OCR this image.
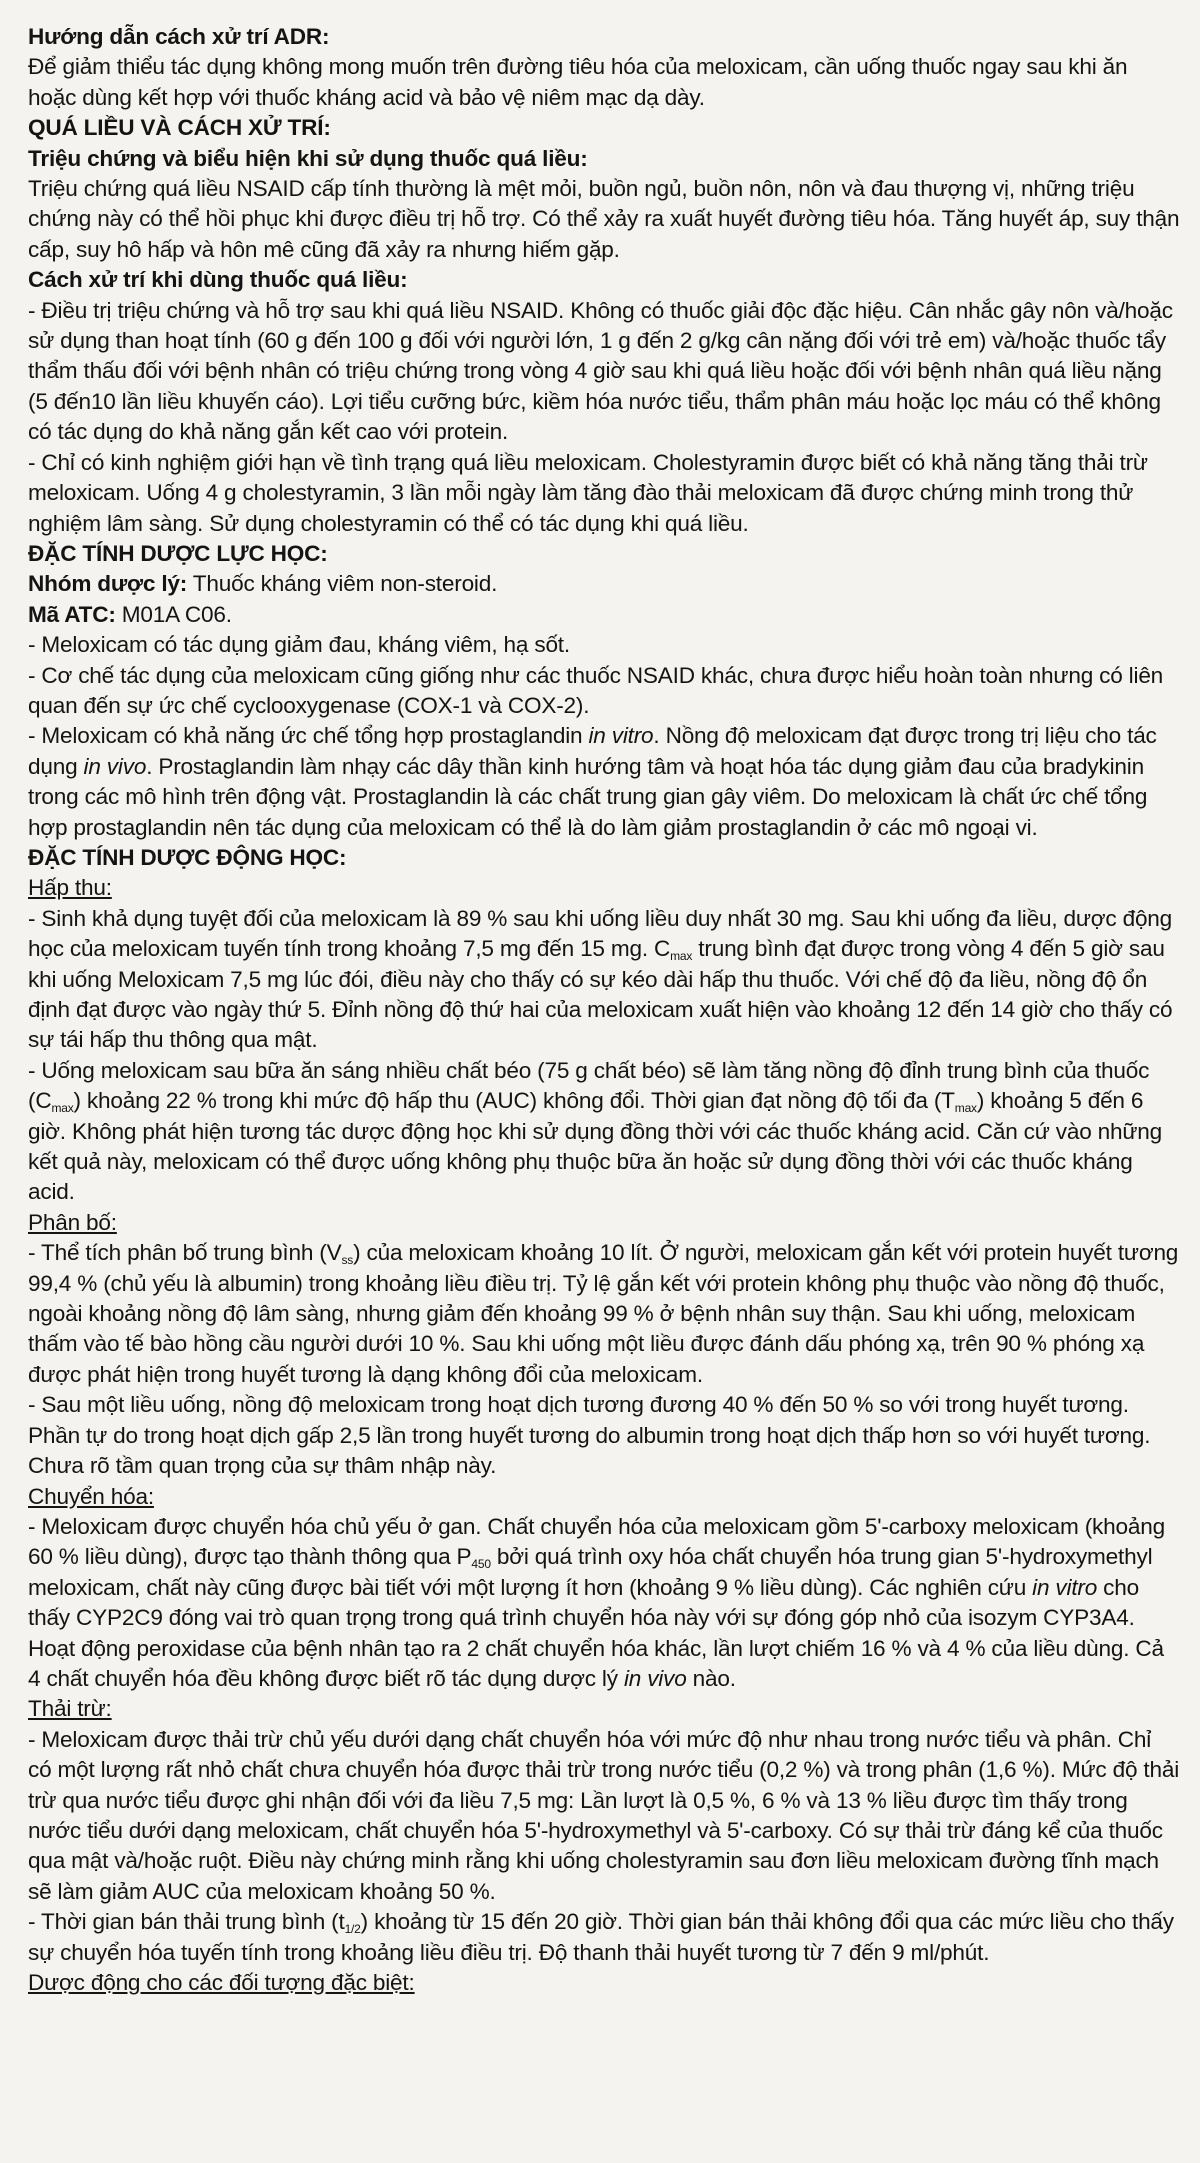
Hướng dẫn cách xử trí ADR:

Để giảm thiểu tác dụng không mong muốn trên đường tiêu hóa của meloxicam, cần uống thuốc ngay sau khi ăn hoặc dùng kết hợp với thuốc kháng acid và bảo vệ niêm mạc dạ dày.

QUÁ LIỀU VÀ CÁCH XỬ TRÍ:

Triệu chứng và biểu hiện khi sử dụng thuốc quá liều:

Triệu chứng quá liều NSAID cấp tính thường là mệt mỏi, buồn ngủ, buồn nôn, nôn và đau thượng vị, những triệu chứng này có thể hồi phục khi được điều trị hỗ trợ. Có thể xảy ra xuất huyết đường tiêu hóa. Tăng huyết áp, suy thận cấp, suy hô hấp và hôn mê cũng đã xảy ra nhưng hiếm gặp.

Cách xử trí khi dùng thuốc quá liều:

- Điều trị triệu chứng và hỗ trợ sau khi quá liều NSAID. Không có thuốc giải độc đặc hiệu. Cân nhắc gây nôn và/hoặc sử dụng than hoạt tính (60 g đến 100 g đối với người lớn, 1 g đến 2 g/kg cân nặng đối với trẻ em) và/hoặc thuốc tẩy thẩm thấu đối với bệnh nhân có triệu chứng trong vòng 4 giờ sau khi quá liều hoặc đối với bệnh nhân quá liều nặng (5 đến10 lần liều khuyến cáo). Lợi tiểu cưỡng bức, kiềm hóa nước tiểu, thẩm phân máu hoặc lọc máu có thể không có tác dụng do khả năng gắn kết cao với protein.

- Chỉ có kinh nghiệm giới hạn về tình trạng quá liều meloxicam. Cholestyramin được biết có khả năng tăng thải trừ meloxicam. Uống 4 g cholestyramin, 3 lần mỗi ngày làm tăng đào thải meloxicam đã được chứng minh trong thử nghiệm lâm sàng. Sử dụng cholestyramin có thể có tác dụng khi quá liều.

ĐẶC TÍNH DƯỢC LỰC HỌC:

Nhóm dược lý: Thuốc kháng viêm non-steroid.

Mã ATC: M01A C06.

- Meloxicam có tác dụng giảm đau, kháng viêm, hạ sốt.

- Cơ chế tác dụng của meloxicam cũng giống như các thuốc NSAID khác, chưa được hiểu hoàn toàn nhưng có liên quan đến sự ức chế cyclooxygenase (COX-1 và COX-2).

- Meloxicam có khả năng ức chế tổng hợp prostaglandin in vitro. Nồng độ meloxicam đạt được trong trị liệu cho tác dụng in vivo. Prostaglandin làm nhạy các dây thần kinh hướng tâm và hoạt hóa tác dụng giảm đau của bradykinin trong các mô hình trên động vật. Prostaglandin là các chất trung gian gây viêm. Do meloxicam là chất ức chế tổng hợp prostaglandin nên tác dụng của meloxicam có thể là do làm giảm prostaglandin ở các mô ngoại vi.

ĐẶC TÍNH DƯỢC ĐỘNG HỌC:

Hấp thu:

- Sinh khả dụng tuyệt đối của meloxicam là 89 % sau khi uống liều duy nhất 30 mg. Sau khi uống đa liều, dược động học của meloxicam tuyến tính trong khoảng 7,5 mg đến 15 mg. $C_{max}$ trung bình đạt được trong vòng 4 đến 5 giờ sau khi uống Meloxicam 7,5 mg lúc đói, điều này cho thấy có sự kéo dài hấp thu thuốc. Với chế độ đa liều, nồng độ ổn định đạt được vào ngày thứ 5. Đỉnh nồng độ thứ hai của meloxicam xuất hiện vào khoảng 12 đến 14 giờ cho thấy có sự tái hấp thu thông qua mật.

- Uống meloxicam sau bữa ăn sáng nhiều chất béo (75 g chất béo) sẽ làm tăng nồng độ đỉnh trung bình của thuốc $(C_{max})$ khoảng 22 % trong khi mức độ hấp thu (AUC) không đổi. Thời gian đạt nồng độ tối đa $(T_{max})$ khoảng 5 đến 6 giờ. Không phát hiện tương tác dược động học khi sử dụng đồng thời với các thuốc kháng acid. Căn cứ vào những kết quả này, meloxicam có thể được uống không phụ thuộc bữa ăn hoặc sử dụng đồng thời với các thuốc kháng acid.

Phân bố:

- Thể tích phân bố trung bình $(V_{ss})$ của meloxicam khoảng 10 lít. Ở người, meloxicam gắn kết với protein huyết tương 99,4 % (chủ yếu là albumin) trong khoảng liều điều trị. Tỷ lệ gắn kết với protein không phụ thuộc vào nồng độ thuốc, ngoài khoảng nồng độ lâm sàng, nhưng giảm đến khoảng 99 % ở bệnh nhân suy thận. Sau khi uống, meloxicam thấm vào tế bào hồng cầu người dưới 10 %. Sau khi uống một liều được đánh dấu phóng xạ, trên 90 % phóng xạ được phát hiện trong huyết tương là dạng không đổi của meloxicam.

- Sau một liều uống, nồng độ meloxicam trong hoạt dịch tương đương 40 % đến 50 % so với trong huyết tương. Phần tự do trong hoạt dịch gấp 2,5 lần trong huyết tương do albumin trong hoạt dịch thấp hơn so với huyết tương. Chưa rõ tầm quan trọng của sự thâm nhập này.

Chuyển hóa:

- Meloxicam được chuyển hóa chủ yếu ở gan. Chất chuyển hóa của meloxicam gồm 5'-carboxy meloxicam (khoảng 60 % liều dùng), được tạo thành thông qua $P_{450}$ bởi quá trình oxy hóa chất chuyển hóa trung gian 5'-hydroxymethyl meloxicam, chất này cũng được bài tiết với một lượng ít hơn (khoảng 9 % liều dùng). Các nghiên cứu in vitro cho thấy CYP2C9 đóng vai trò quan trọng trong quá trình chuyển hóa này với sự đóng góp nhỏ của isozym CYP3A4. Hoạt động peroxidase của bệnh nhân tạo ra 2 chất chuyển hóa khác, lần lượt chiếm 16 % và 4 % của liều dùng. Cả 4 chất chuyển hóa đều không được biết rõ tác dụng dược lý in vivo nào.

Thải trừ:

- Meloxicam được thải trừ chủ yếu dưới dạng chất chuyển hóa với mức độ như nhau trong nước tiểu và phân. Chỉ có một lượng rất nhỏ chất chưa chuyển hóa được thải trừ trong nước tiểu (0,2 %) và trong phân (1,6 %). Mức độ thải trừ qua nước tiểu được ghi nhận đối với đa liều 7,5 mg: Lần lượt là 0,5 %, 6 % và 13 % liều được tìm thấy trong nước tiểu dưới dạng meloxicam, chất chuyển hóa 5'-hydroxymethyl và 5'-carboxy. Có sự thải trừ đáng kể của thuốc qua mật và/hoặc ruột. Điều này chứng minh rằng khi uống cholestyramin sau đơn liều meloxicam đường tĩnh mạch sẽ làm giảm AUC của meloxicam khoảng 50 %.

- Thời gian bán thải trung bình $(t_{1/2})$ khoảng từ 15 đến 20 giờ. Thời gian bán thải không đổi qua các mức liều cho thấy sự chuyển hóa tuyến tính trong khoảng liều điều trị. Độ thanh thải huyết tương từ 7 đến 9 ml/phút.

Dược động cho các đối tượng đặc biệt:
